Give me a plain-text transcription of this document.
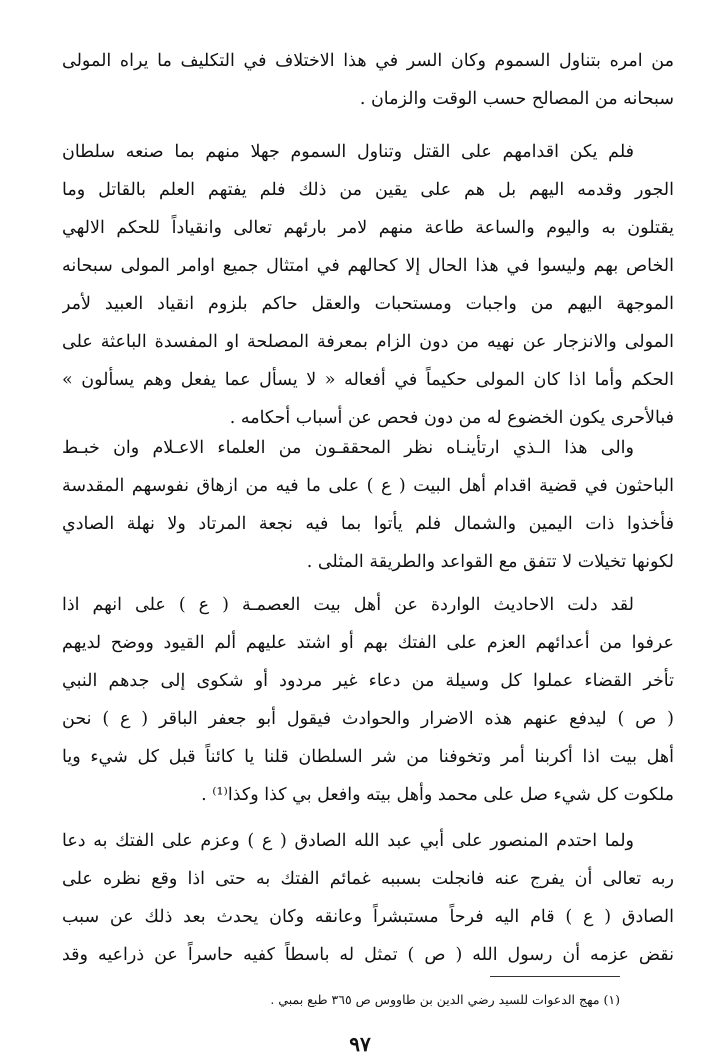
من امره بتناول السموم وكان السر في هذا الاختلاف في التكليف ما يراه المولى
سبحانه من المصالح حسب الوقت والزمان .
فلم يكن اقدامهم على القتل وتناول السموم جهلا منهم بما صنعه سلطان
الجور وقدمه اليهم بل هم على يقين من ذلك فلم يفتهم العلم بالقاتل وما
يقتلون به واليوم والساعة طاعة منهم لامر بارئهم تعالى وانقياداً للحكم الالهي
الخاص بهم وليسوا في هذا الحال إلا كحالهم في امتثال جميع اوامر المولى سبحانه
الموجهة اليهم من واجبات ومستحبات والعقل حاكم بلزوم انقياد العبيد لأمر
المولى والانزجار عن نهيه من دون الزام بمعرفة المصلحة او المفسدة الباعثة على
الحكم وأما اذا كان المولى حكيماً في أفعاله « لا يسأل عما يفعل وهم يسألون »
فبالأحرى يكون الخضوع له من دون فحص عن أسباب أحكامه .
والى هذا الـذي ارتأينـاه نظر المحققـون من العلماء الاعـلام وان خبـط
الباحثون في قضية اقدام أهل البيت ( ع ) على ما فيه من ازهاق نفوسهم المقدسة
فأخذوا ذات اليمين والشمال فلم يأتوا بما فيه نجعة المرتاد ولا نهلة الصادي
لكونها تخيلات لا تتفق مع القواعد والطريقة المثلى .
لقد دلت الاحاديث الواردة عن أهل بيت العصمـة ( ع ) على انهم اذا
عرفوا من أعدائهم العزم على الفتك بهم أو اشتد عليهم ألم القيود ووضح لديهم
تأخر القضاء عملوا كل وسيلة من دعاء غير مردود أو شكوى إلى جدهم النبي
( ص ) ليدفع عنهم هذه الاضرار والحوادث فيقول أبو جعفر الباقر ( ع ) نحن
أهل بيت اذا أكربنا أمر وتخوفنا من شر السلطان قلنا يا كائناً قبل كل شيء ويا
ملكوت كل شيء صل على محمد وأهل بيته وافعل بي كذا وكذا⁽¹⁾ .
ولما احتدم المنصور على أبي عبد الله الصادق ( ع ) وعزم على الفتك به دعا
ربه تعالى أن يفرج عنه فانجلت بسببه غمائم الفتك به حتى اذا وقع نظره على
الصادق ( ع ) قام اليه فرحاً مستبشراً وعانقه وكان يحدث بعد ذلك عن سبب
نقض عزمه أن رسول الله ( ص ) تمثل له باسطاً كفيه حاسراً عن ذراعيه وقد
(١) مهج الدعوات للسيد رضي الدين بن طاووس ص ٣٦٥ طبع بمبي .
٩٧
